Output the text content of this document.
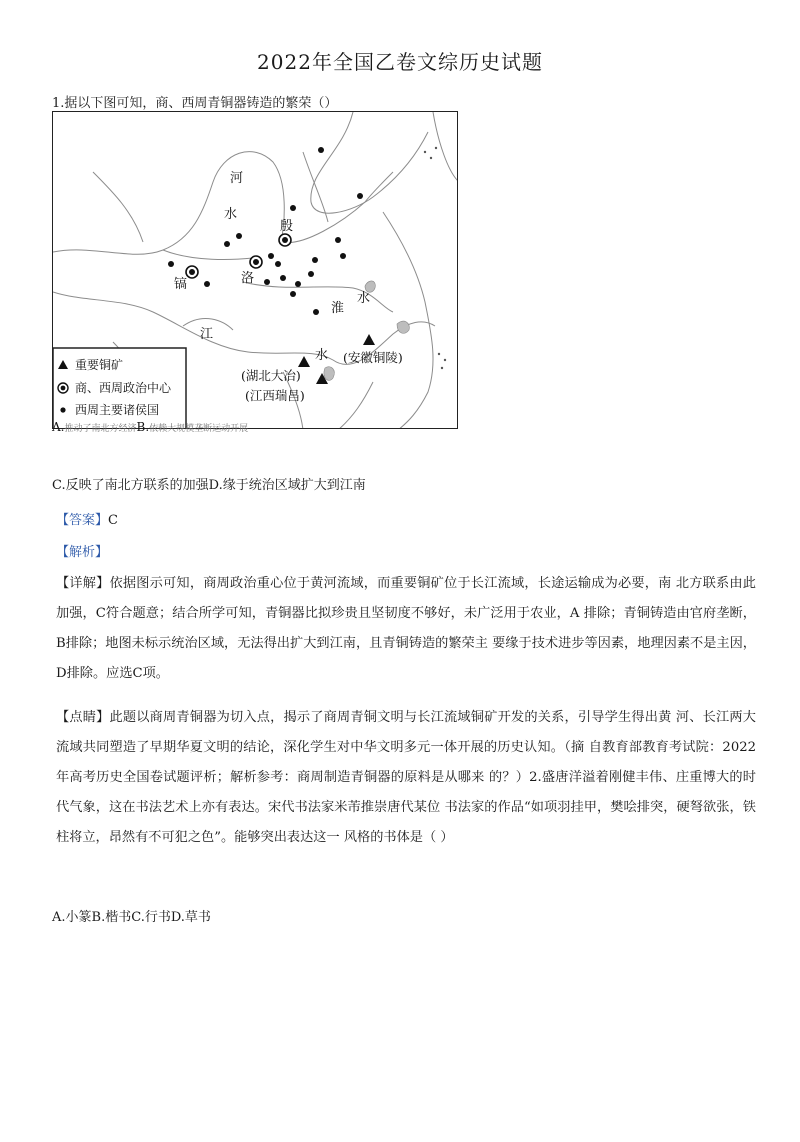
2022年全国乙卷文综历史试题
1.据以下图可知，商、西周青铜器铸造的繁荣（）
河
水
殷
镐	洛
淮
水
江
水 (安徽铜陵)
(湖北大冶)
(江西瑞昌)
重要铜矿
商、西周政治中心
西周主要诸侯国
A.推动了南北方经济B.依赖大规模垄断运动开展
C.反映了南北方联系的加强D.缘于统治区域扩大到江南
【答案】C
【解析】
【详解】依据图示可知，商周政治重心位于黄河流域，而重要铜矿位于长江流域，长途运输成为必要，南 北方联系由此加强，C符合题意；结合所学可知，青铜器比拟珍贵且坚韧度不够好，未广泛用于农业，A 排除；青铜铸造由官府垄断，B排除；地图未标示统治区域，无法得出扩大到江南，且青铜铸造的繁荣主 要缘于技术进步等因素，地理因素不是主因，D排除。应选C项。
【点睛】此题以商周青铜器为切入点，揭示了商周青铜文明与长江流域铜矿开发的关系，引导学生得出黄 河、长江两大流域共同塑造了早期华夏文明的结论，深化学生对中华文明多元一体开展的历史认知。（摘 自教育部教育考试院：2022年高考历史全国卷试题评析；解析参考：商周制造青铜器的原料是从哪来 的？）2.盛唐洋溢着刚健丰伟、庄重博大的时代气象，这在书法艺术上亦有表达。宋代书法家米芾推崇唐代某位 书法家的作品“如项羽挂甲，樊哙排突，硬弩欲张，铁柱将立，昂然有不可犯之色”。能够突出表达这一 风格的书体是（ ）
A.小篆B.楷书C.行书D.草书
